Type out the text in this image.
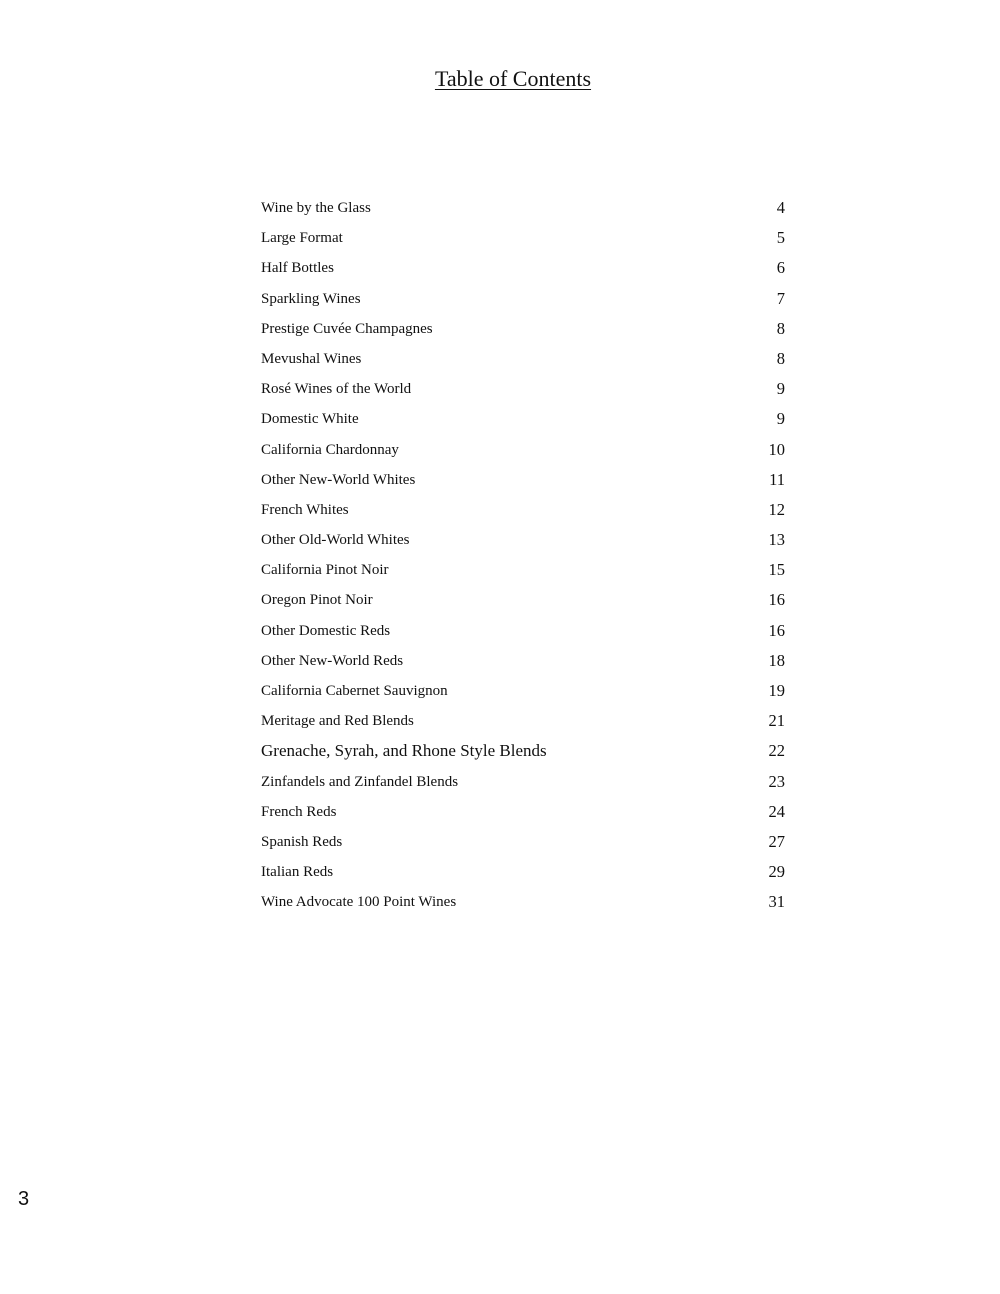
Table of Contents
Wine by the Glass	4
Large Format	5
Half Bottles	6
Sparkling Wines	7
Prestige Cuvée Champagnes	8
Mevushal Wines	8
Rosé Wines of the World	9
Domestic White	9
California Chardonnay	10
Other New-World Whites	11
French Whites	12
Other Old-World Whites	13
California Pinot Noir	15
Oregon Pinot Noir	16
Other Domestic Reds	16
Other New-World Reds	18
California Cabernet Sauvignon	19
Meritage and Red Blends	21
Grenache, Syrah, and Rhone Style Blends	22
Zinfandels and Zinfandel Blends	23
French Reds	24
Spanish Reds	27
Italian Reds	29
Wine Advocate 100 Point Wines	31
3
